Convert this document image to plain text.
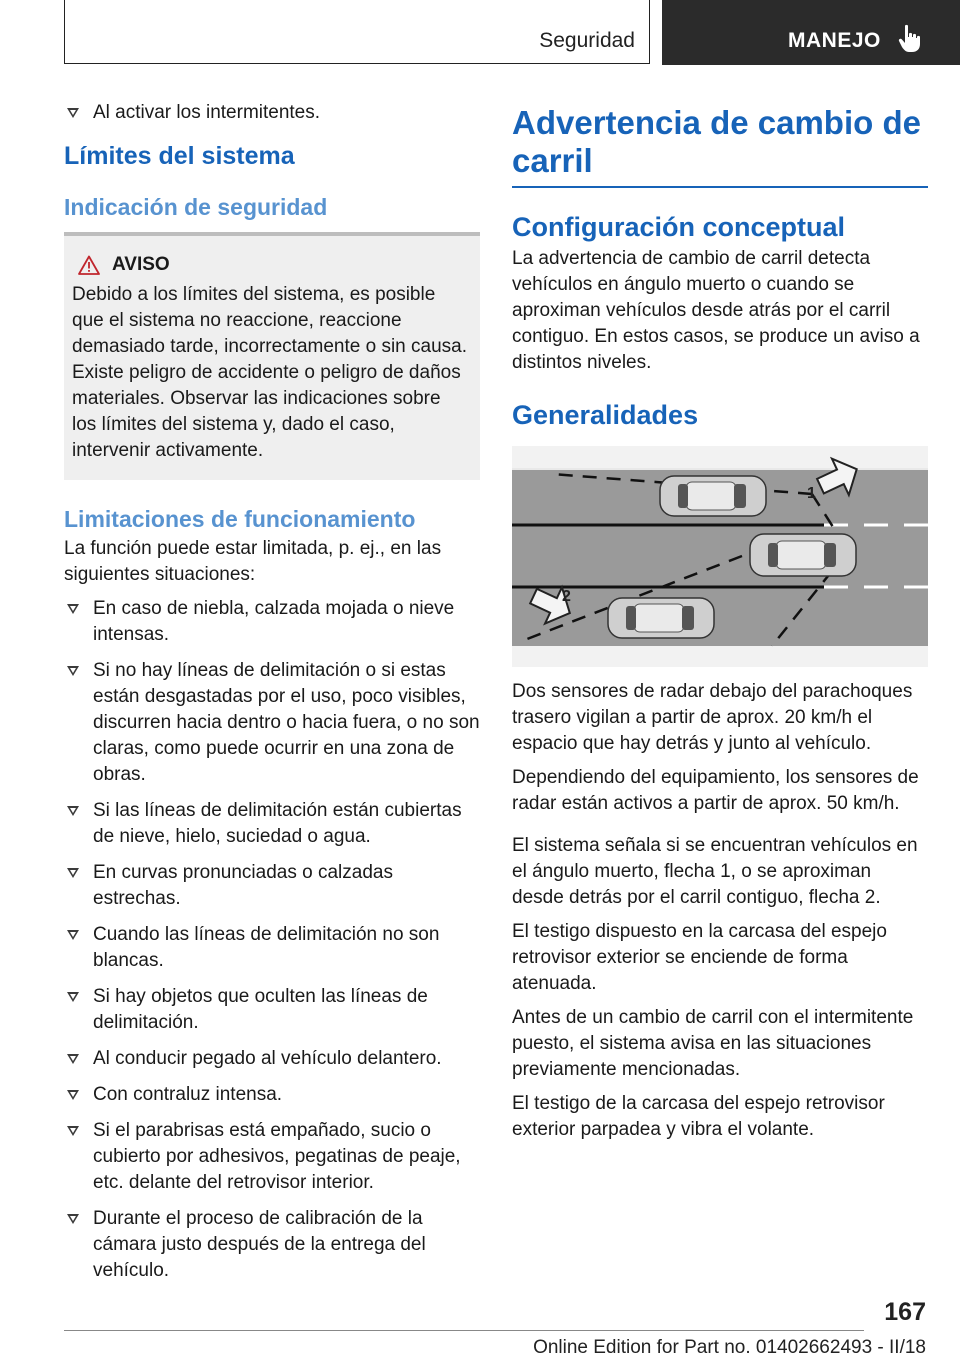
Seguridad	MANEJO
Al activar los intermitentes.
Límites del sistema
Indicación de seguridad
AVISO
Debido a los límites del sistema, es posible que el sistema no reaccione, reaccione demasiado tarde, incorrectamente o sin causa. Existe peligro de accidente o peligro de daños materiales. Observar las indicaciones sobre los límites del sistema y, dado el caso, intervenir activamente.
Limitaciones de funcionamiento

La función puede estar limitada, p. ej., en las siguientes situaciones:

En caso de niebla, calzada mojada o nieve intensas.
Si no hay líneas de delimitación o si estas están desgastadas por el uso, poco visibles, discurren hacia dentro o hacia fuera, o no son claras, como puede ocurrir en una zona de obras.
Si las líneas de delimitación están cubiertas de nieve, hielo, suciedad o agua.
En curvas pronunciadas o calzadas estrechas.
Cuando las líneas de delimitación no son blancas.
Si hay objetos que oculten las líneas de delimitación.
Al conducir pegado al vehículo delantero.
Con contraluz intensa.
Si el parabrisas está empañado, sucio o cubierto por adhesivos, pegatinas de peaje, etc. delante del retrovisor interior.
Durante el proceso de calibración de la cámara justo después de la entrega del vehículo.
Advertencia de cambio de carril
Configuración conceptual

La advertencia de cambio de carril detecta vehículos en ángulo muerto o cuando se aproximan vehículos desde atrás por el carril contiguo. En estos casos, se produce un aviso a distintos niveles.

Generalidades
1
2

Dos sensores de radar debajo del parachoques trasero vigilan a partir de aprox. 20 km/h el espacio que hay detrás y junto al vehículo.

Dependiendo del equipamiento, los sensores de radar están activos a partir de aprox. 50 km/h.

El sistema señala si se encuentran vehículos en el ángulo muerto, flecha 1, o se aproximan desde detrás por el carril contiguo, flecha 2.

El testigo dispuesto en la carcasa del espejo retrovisor exterior se enciende de forma atenuada.

Antes de un cambio de carril con el intermitente puesto, el sistema avisa en las situaciones previamente mencionadas.

El testigo de la carcasa del espejo retrovisor exterior parpadea y vibra el volante.

167
Online Edition for Part no. 01402662493 - II/18
